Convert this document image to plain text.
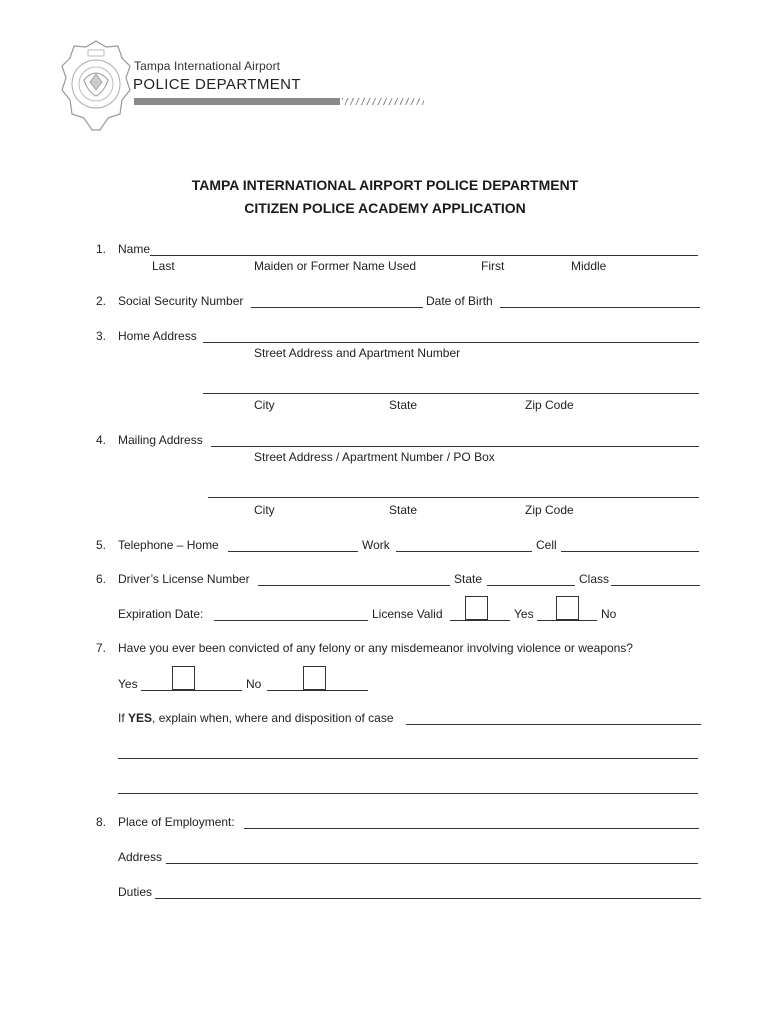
Tampa International Airport
POLICE DEPARTMENT
TAMPA INTERNATIONAL AIRPORT POLICE DEPARTMENT
CITIZEN POLICE ACADEMY APPLICATION
1. Name
Last	Maiden or Former Name Used	First	Middle
2. Social Security Number	Date of Birth
3. Home Address
Street Address and Apartment Number
City	State	Zip Code
4. Mailing Address
Street Address / Apartment Number / PO Box
City	State	Zip Code
5. Telephone – Home	Work	Cell
6. Driver’s License Number	State	Class
Expiration Date:	License Valid	Yes	No
7. Have you ever been convicted of any felony or any misdemeanor involving violence or weapons?
Yes	No
If YES, explain when, where and disposition of case
8. Place of Employment:
Address
Duties
